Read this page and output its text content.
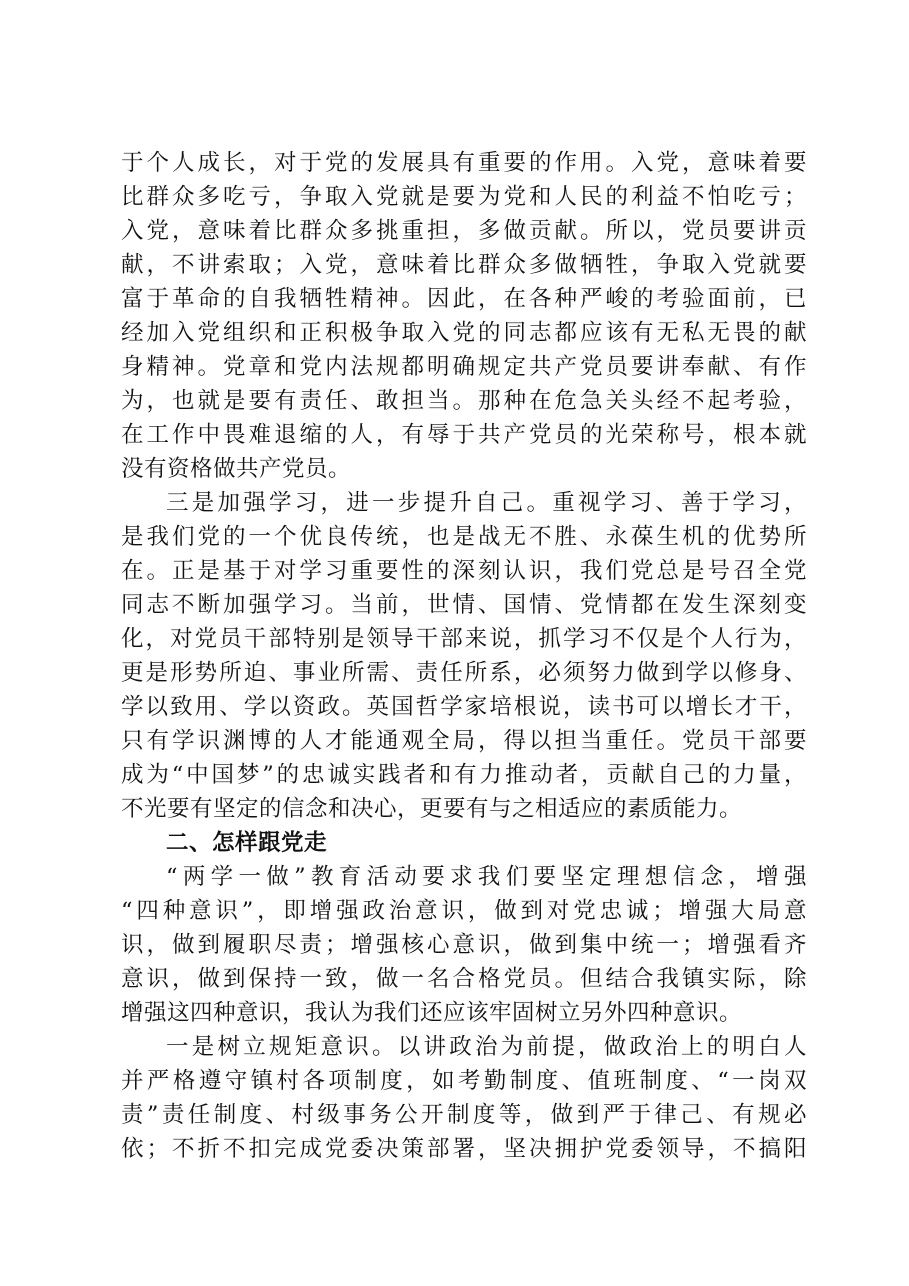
于个人成长，对于党的发展具有重要的作用。入党，意味着要
比群众多吃亏，争取入党就是要为党和人民的利益不怕吃亏；
入党，意味着比群众多挑重担，多做贡献。所以，党员要讲贡
献，不讲索取；入党，意味着比群众多做牺牲，争取入党就要
富于革命的自我牺牲精神。因此，在各种严峻的考验面前，已
经加入党组织和正积极争取入党的同志都应该有无私无畏的献
身精神。党章和党内法规都明确规定共产党员要讲奉献、有作
为，也就是要有责任、敢担当。那种在危急关头经不起考验，
在工作中畏难退缩的人，有辱于共产党员的光荣称号，根本就
没有资格做共产党员。
三是加强学习，进一步提升自己。重视学习、善于学习，
是我们党的一个优良传统，也是战无不胜、永葆生机的优势所
在。正是基于对学习重要性的深刻认识，我们党总是号召全党
同志不断加强学习。当前，世情、国情、党情都在发生深刻变
化，对党员干部特别是领导干部来说，抓学习不仅是个人行为，
更是形势所迫、事业所需、责任所系，必须努力做到学以修身、
学以致用、学以资政。英国哲学家培根说，读书可以增长才干，
只有学识渊博的人才能通观全局，得以担当重任。党员干部要
成为“中国梦”的忠诚实践者和有力推动者，贡献自己的力量，
不光要有坚定的信念和决心，更要有与之相适应的素质能力。
二、怎样跟党走
“两学一做”教育活动要求我们要坚定理想信念，增强
“四种意识”，即增强政治意识，做到对党忠诚；增强大局意
识，做到履职尽责；增强核心意识，做到集中统一；增强看齐
意识，做到保持一致，做一名合格党员。但结合我镇实际，除
增强这四种意识，我认为我们还应该牢固树立另外四种意识。
一是树立规矩意识。以讲政治为前提，做政治上的明白人
并严格遵守镇村各项制度，如考勤制度、值班制度、“一岗双
责”责任制度、村级事务公开制度等，做到严于律己、有规必
依；不折不扣完成党委决策部署，坚决拥护党委领导，不搞阳
